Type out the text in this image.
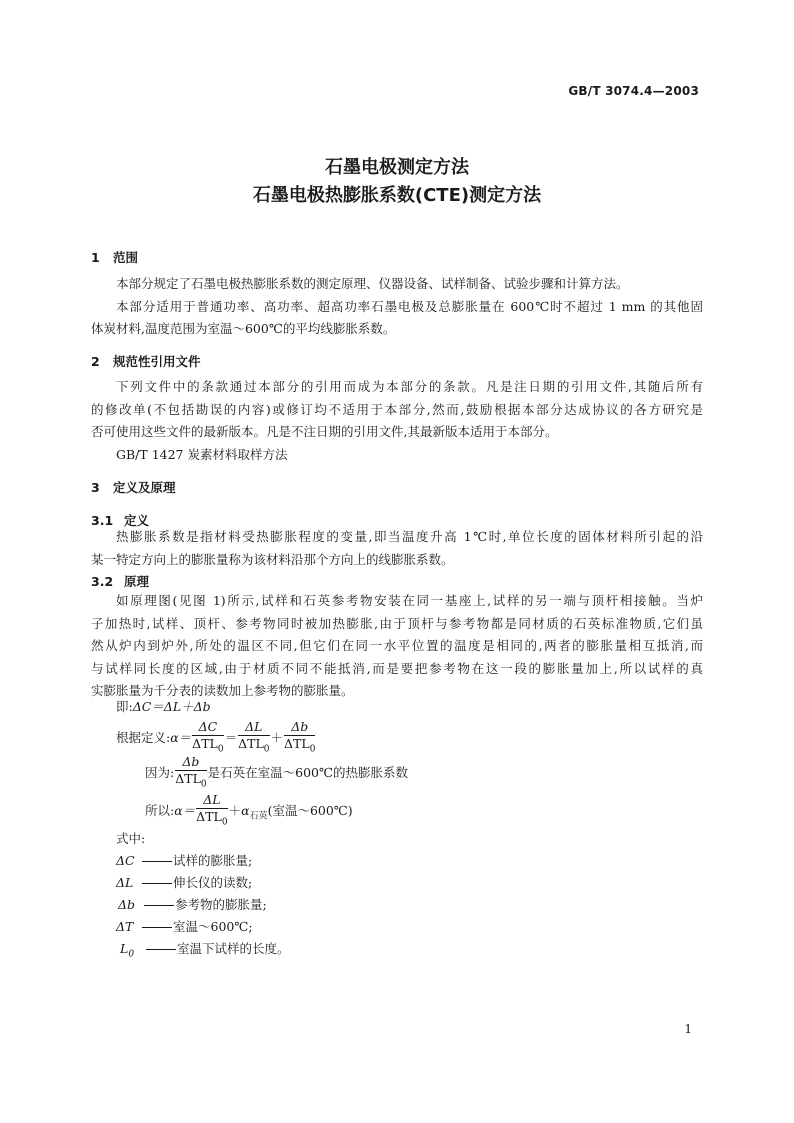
GB/T 3074.4—2003
石墨电极测定方法
石墨电极热膨胀系数(CTE)测定方法
1 范围
本部分规定了石墨电极热膨胀系数的测定原理、仪器设备、试样制备、试验步骤和计算方法。
本部分适用于普通功率、高功率、超高功率石墨电极及总膨胀量在 600℃时不超过 1 mm 的其他固
体炭材料,温度范围为室温～600℃的平均线膨胀系数。
2 规范性引用文件
下列文件中的条款通过本部分的引用而成为本部分的条款。凡是注日期的引用文件,其随后所有
的修改单(不包括勘误的内容)或修订均不适用于本部分,然而,鼓励根据本部分达成协议的各方研究是
否可使用这些文件的最新版本。凡是不注日期的引用文件,其最新版本适用于本部分。
GB/T 1427 炭素材料取样方法
3 定义及原理
3.1 定义
热膨胀系数是指材料受热膨胀程度的变量,即当温度升高 1℃时,单位长度的固体材料所引起的沿
某一特定方向上的膨胀量称为该材料沿那个方向上的线膨胀系数。
3.2 原理
如原理图(见图 1)所示,试样和石英参考物安装在同一基座上,试样的另一端与顶杆相接触。当炉
子加热时,试样、顶杆、参考物同时被加热膨胀,由于顶杆与参考物都是同材质的石英标准物质,它们虽
然从炉内到炉外,所处的温区不同,但它们在同一水平位置的温度是相同的,两者的膨胀量相互抵消,而
与试样同长度的区域,由于材质不同不能抵消,而是要把参考物在这一段的膨胀量加上,所以试样的真
实膨胀量为千分表的读数加上参考物的膨胀量。
即:ΔC＝ΔL＋Δb
根据定义:α＝ $\frac{\Delta C}{\Delta TL_0} = \frac{\Delta L}{\Delta TL_0} + \frac{\Delta b}{\Delta TL_0}$
因为: $\frac{\Delta b}{\Delta TL_0}$ 是石英在室温～600℃的热膨胀系数
所以:α＝ $\frac{\Delta L}{\Delta TL_0} +\alpha_{石英}$(室温～600℃)
式中:
ΔC	试样的膨胀量;
ΔL	伸长仪的读数;
Δb	参考物的膨胀量;
ΔT	室温～600℃;
$L_0$	室温下试样的长度。
1
